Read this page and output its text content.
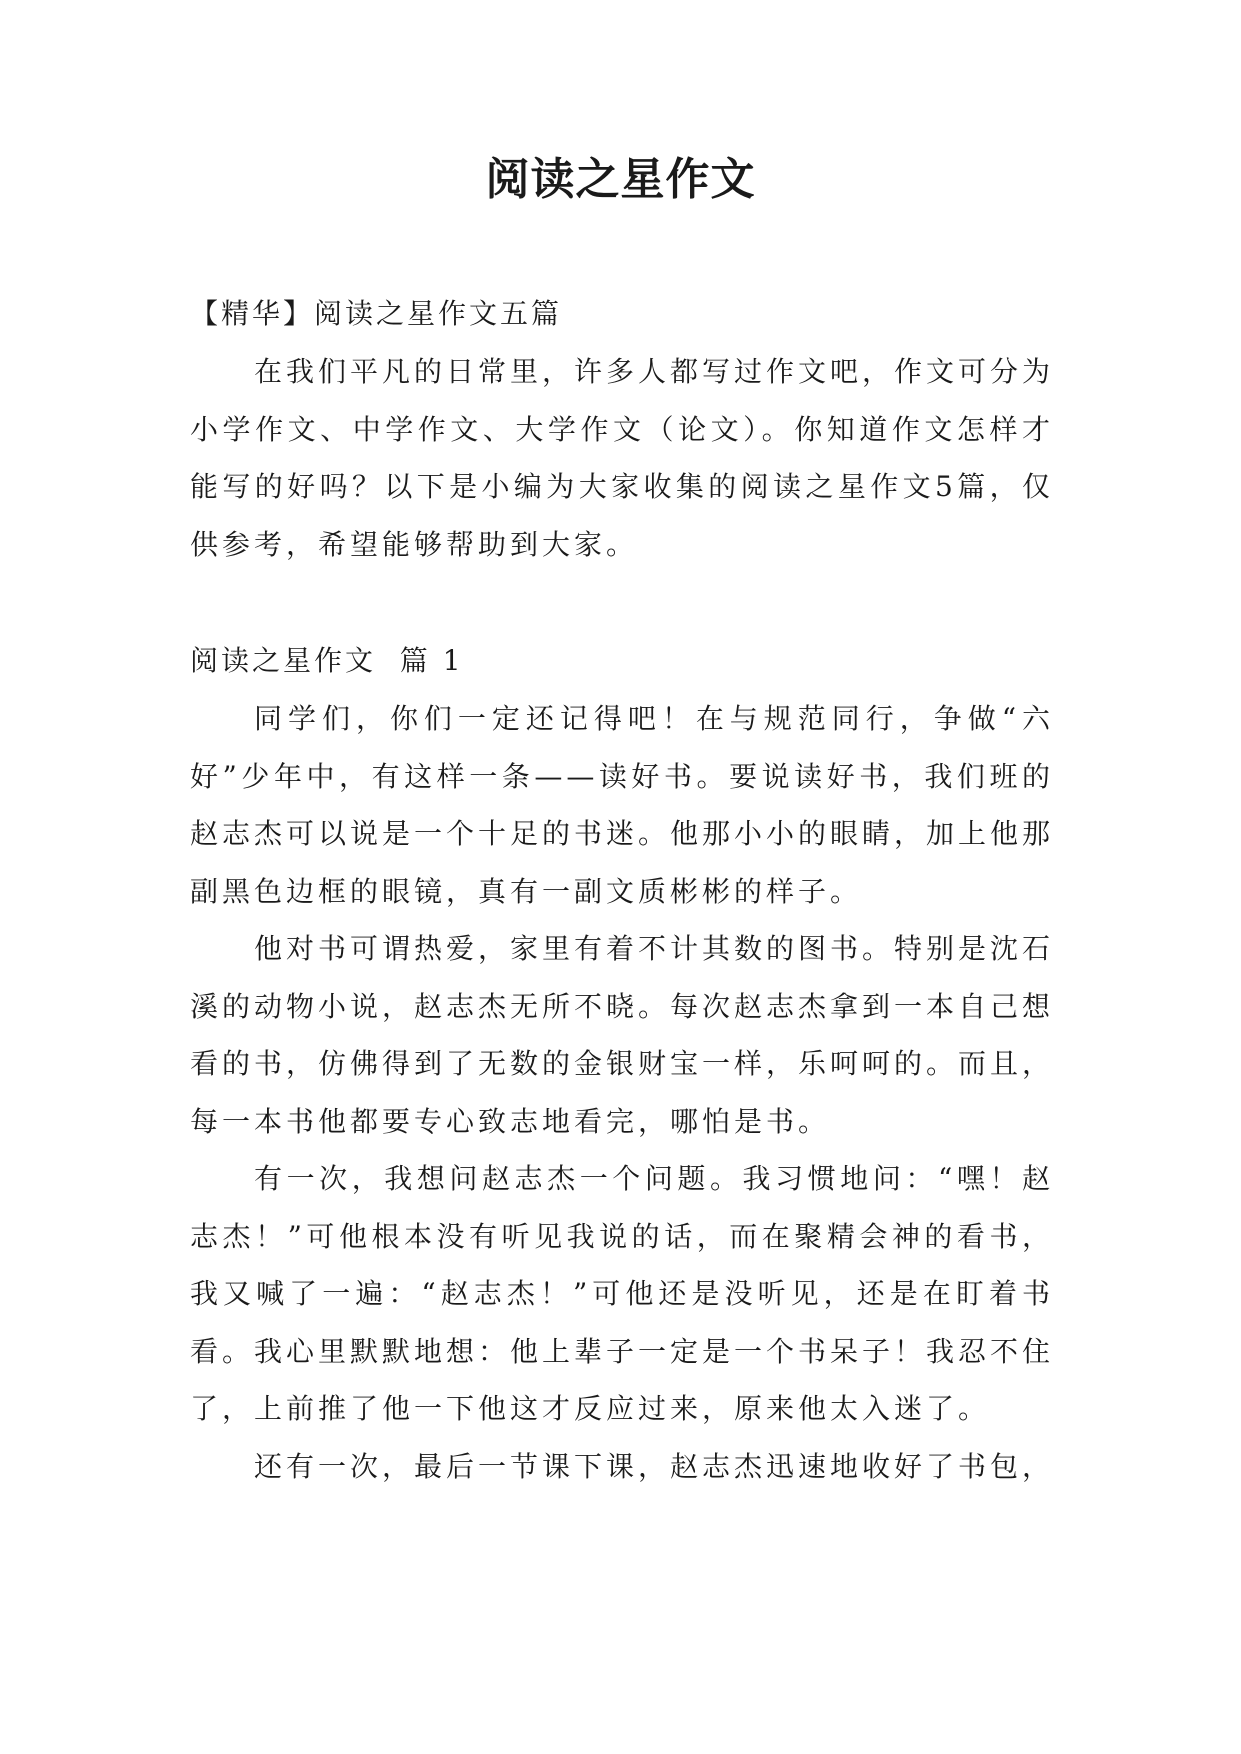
阅读之星作文

【精华】阅读之星作文五篇

在我们平凡的日常里，许多人都写过作文吧，作文可分为小学作文、中学作文、大学作文（论文）。你知道作文怎样才能写的好吗？以下是小编为大家收集的阅读之星作文5篇，仅供参考，希望能够帮助到大家。

阅读之星作文  篇 1

同学们，你们一定还记得吧！在与规范同行，争做“六好”少年中，有这样一条——读好书。要说读好书，我们班的赵志杰可以说是一个十足的书迷。他那小小的眼睛，加上他那副黑色边框的眼镜，真有一副文质彬彬的样子。

他对书可谓热爱，家里有着不计其数的图书。特别是沈石溪的动物小说，赵志杰无所不晓。每次赵志杰拿到一本自己想看的书，仿佛得到了无数的金银财宝一样，乐呵呵的。而且，每一本书他都要专心致志地看完，哪怕是书。

有一次，我想问赵志杰一个问题。我习惯地问：“嘿！赵志杰！”可他根本没有听见我说的话，而在聚精会神的看书，我又喊了一遍：“赵志杰！”可他还是没听见，还是在盯着书看。我心里默默地想：他上辈子一定是一个书呆子！我忍不住了，上前推了他一下他这才反应过来，原来他太入迷了。

还有一次，最后一节课下课，赵志杰迅速地收好了书包，
